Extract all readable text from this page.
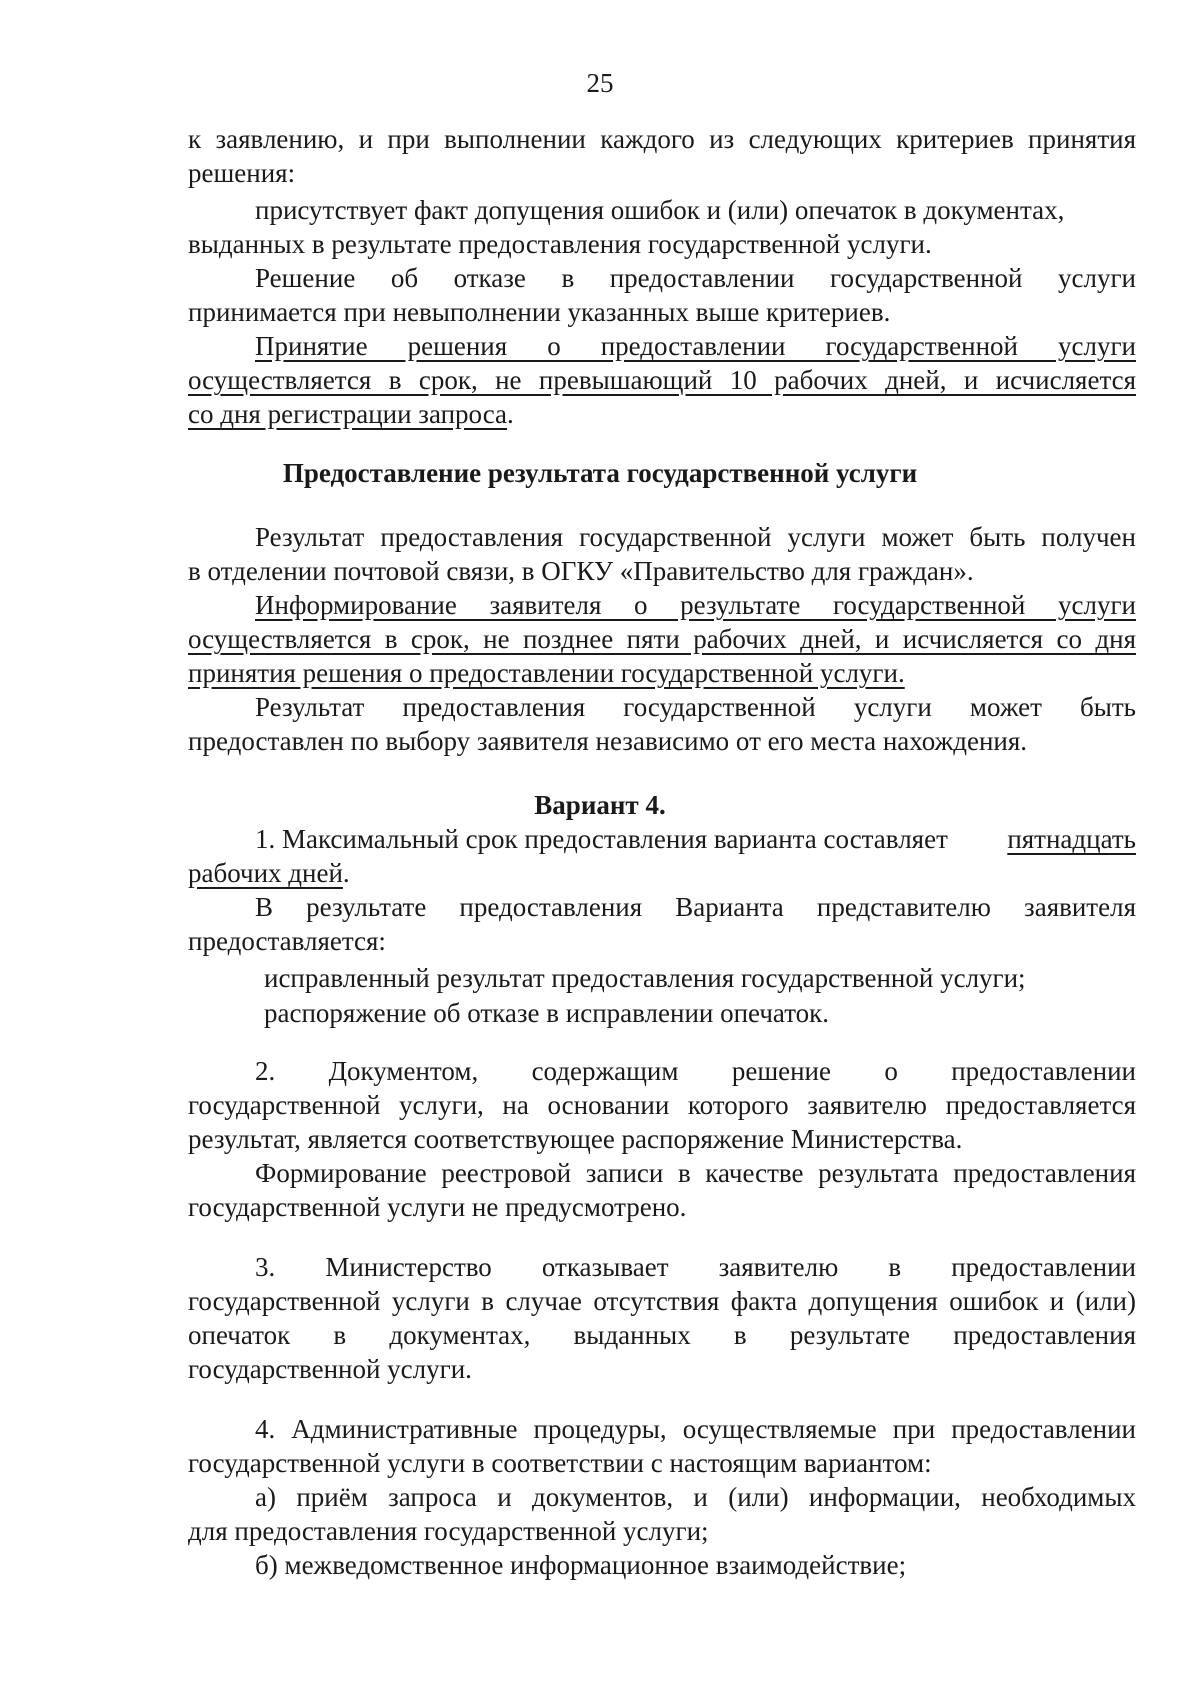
25
к заявлению, и при выполнении каждого из следующих критериев принятия
решения:
присутствует факт допущения ошибок и (или) опечаток в документах,
выданных в результате предоставления государственной услуги.
Решение об отказе в предоставлении государственной услуги
принимается при невыполнении указанных выше критериев.
Принятие решения о предоставлении государственной услуги
осуществляется в срок, не превышающий 10 рабочих дней, и исчисляется
со дня регистрации запроса.
Предоставление результата государственной услуги
Результат предоставления государственной услуги может быть получен
в отделении почтовой связи, в ОГКУ «Правительство для граждан».
Информирование заявителя о результате государственной услуги
осуществляется в срок, не позднее пяти рабочих дней, и исчисляется со дня
принятия решения о предоставлении государственной услуги.
Результат предоставления государственной услуги может быть
предоставлен по выбору заявителя независимо от его места нахождения.
Вариант 4.
1. Максимальный срок предоставления варианта составляет пятнадцать
рабочих дней.
В результате предоставления Варианта представителю заявителя
предоставляется:
исправленный результат предоставления государственной услуги;
распоряжение об отказе в исправлении опечаток.
2. Документом, содержащим решение о предоставлении
государственной услуги, на основании которого заявителю предоставляется
результат, является соответствующее распоряжение Министерства.
Формирование реестровой записи в качестве результата предоставления
государственной услуги не предусмотрено.
3. Министерство отказывает заявителю в предоставлении
государственной услуги в случае отсутствия факта допущения ошибок и (или)
опечаток в документах, выданных в результате предоставления
государственной услуги.
4. Административные процедуры, осуществляемые при предоставлении
государственной услуги в соответствии с настоящим вариантом:
а) приём запроса и документов, и (или) информации, необходимых
для предоставления государственной услуги;
б) межведомственное информационное взаимодействие;
